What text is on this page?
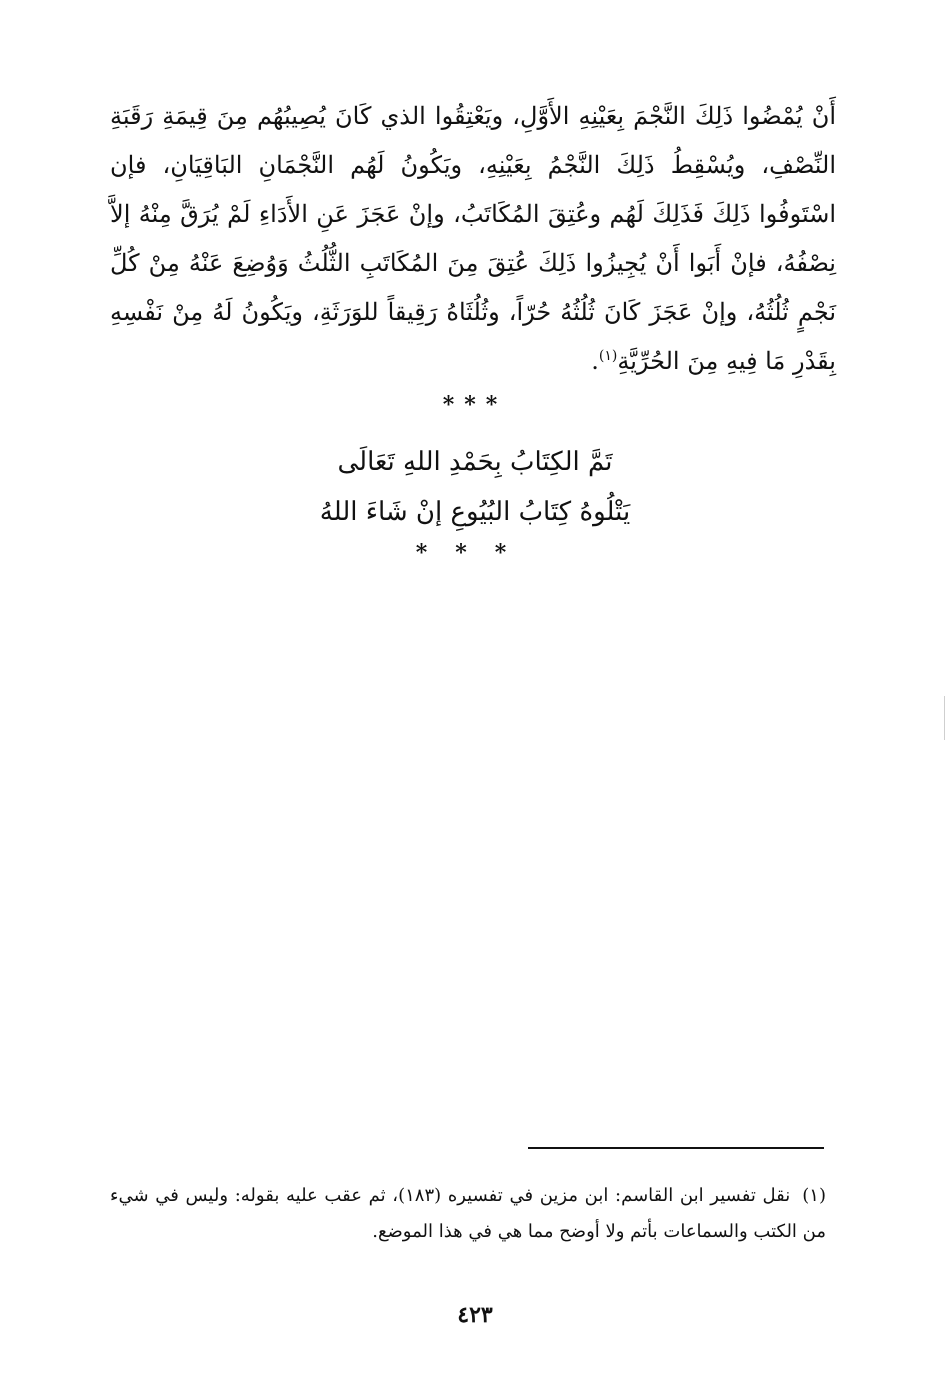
أَنْ يُمْضُوا ذَلِكَ النَّجْمَ بِعَيْنِهِ الأَوَّلِ، ويَعْتِقُوا الذي كَانَ يُصِيبُهُم مِنَ قِيمَةِ رَقَبَةِ النِّصْفِ، ويُسْقِطُ ذَلِكَ النَّجْمُ بِعَيْنِهِ، ويَكُونُ لَهُم النَّجْمَانِ البَاقِيَانِ، فإن اسْتَوفُوا ذَلِكَ فَذَلِكَ لَهُم وعُتِقَ المُكَاتَبُ، وإنْ عَجَزَ عَنِ الأَدَاءِ لَمْ يُرَقَّ مِنْهُ إلاَّ نِصْفُهُ، فإنْ أَبَوا أَنْ يُجِيزُوا ذَلِكَ عُتِقَ مِنَ المُكَاتَبِ الثُّلُثُ وَوُضِعَ عَنْهُ مِنْ كُلِّ نَجْمٍ ثُلُثُهُ، وإنْ عَجَزَ كَانَ ثُلُثُهُ حُرّاً، وثُلُثَاهُ رَقِيقاً للوَرَثَةِ، ويَكُونُ لَهُ مِنْ نَفْسِهِ بِقَدْرِ مَا فِيهِ مِنَ الحُرِّيَّةِ$^{(١)}$.

***
تَمَّ الكِتَابُ بِحَمْدِ اللهِ تَعَالَى
يَتْلُوهُ كِتَابُ البُيُوعِ إنْ شَاءَ اللهُ
***

(١)نقل تفسير ابن القاسم: ابن مزين في تفسيره (١٨٣)، ثم عقب عليه بقوله: وليس في شيء من الكتب والسماعات بأتم ولا أوضح مما هي في هذا الموضع.

٤٢٣
